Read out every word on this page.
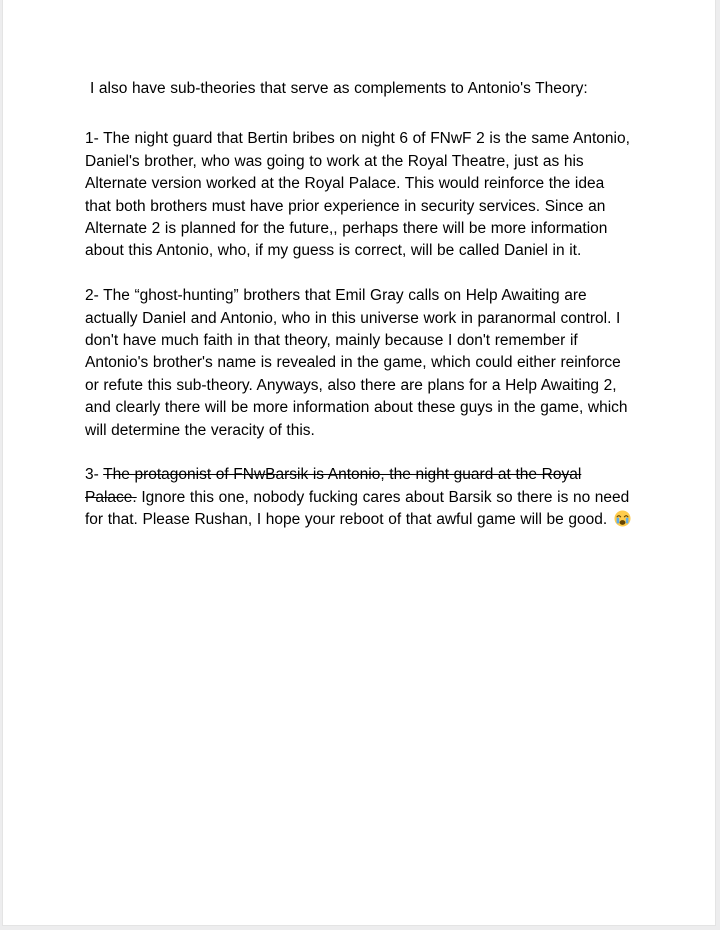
I also have sub-theories that serve as complements to Antonio's Theory:

1- The night guard that Bertin bribes on night 6 of FNwF 2 is the same Antonio, Daniel's brother, who was going to work at the Royal Theatre, just as his Alternate version worked at the Royal Palace. This would reinforce the idea that both brothers must have prior experience in security services. Since an Alternate 2 is planned for the future,, perhaps there will be more information about this Antonio, who, if my guess is correct, will be called Daniel in it.

2- The “ghost-hunting” brothers that Emil Gray calls on Help Awaiting are actually Daniel and Antonio, who in this universe work in paranormal control. I don't have much faith in that theory, mainly because I don't remember if Antonio's brother's name is revealed in the game, which could either reinforce or refute this sub-theory. Anyways, also there are plans for a Help Awaiting 2, and clearly there will be more information about these guys in the game, which will determine the veracity of this.

3- The protagonist of FNwBarsik is Antonio, the night guard at the Royal Palace. Ignore this one, nobody fucking cares about Barsik so there is no need for that. Please Rushan, I hope your reboot of that awful game will be good.
